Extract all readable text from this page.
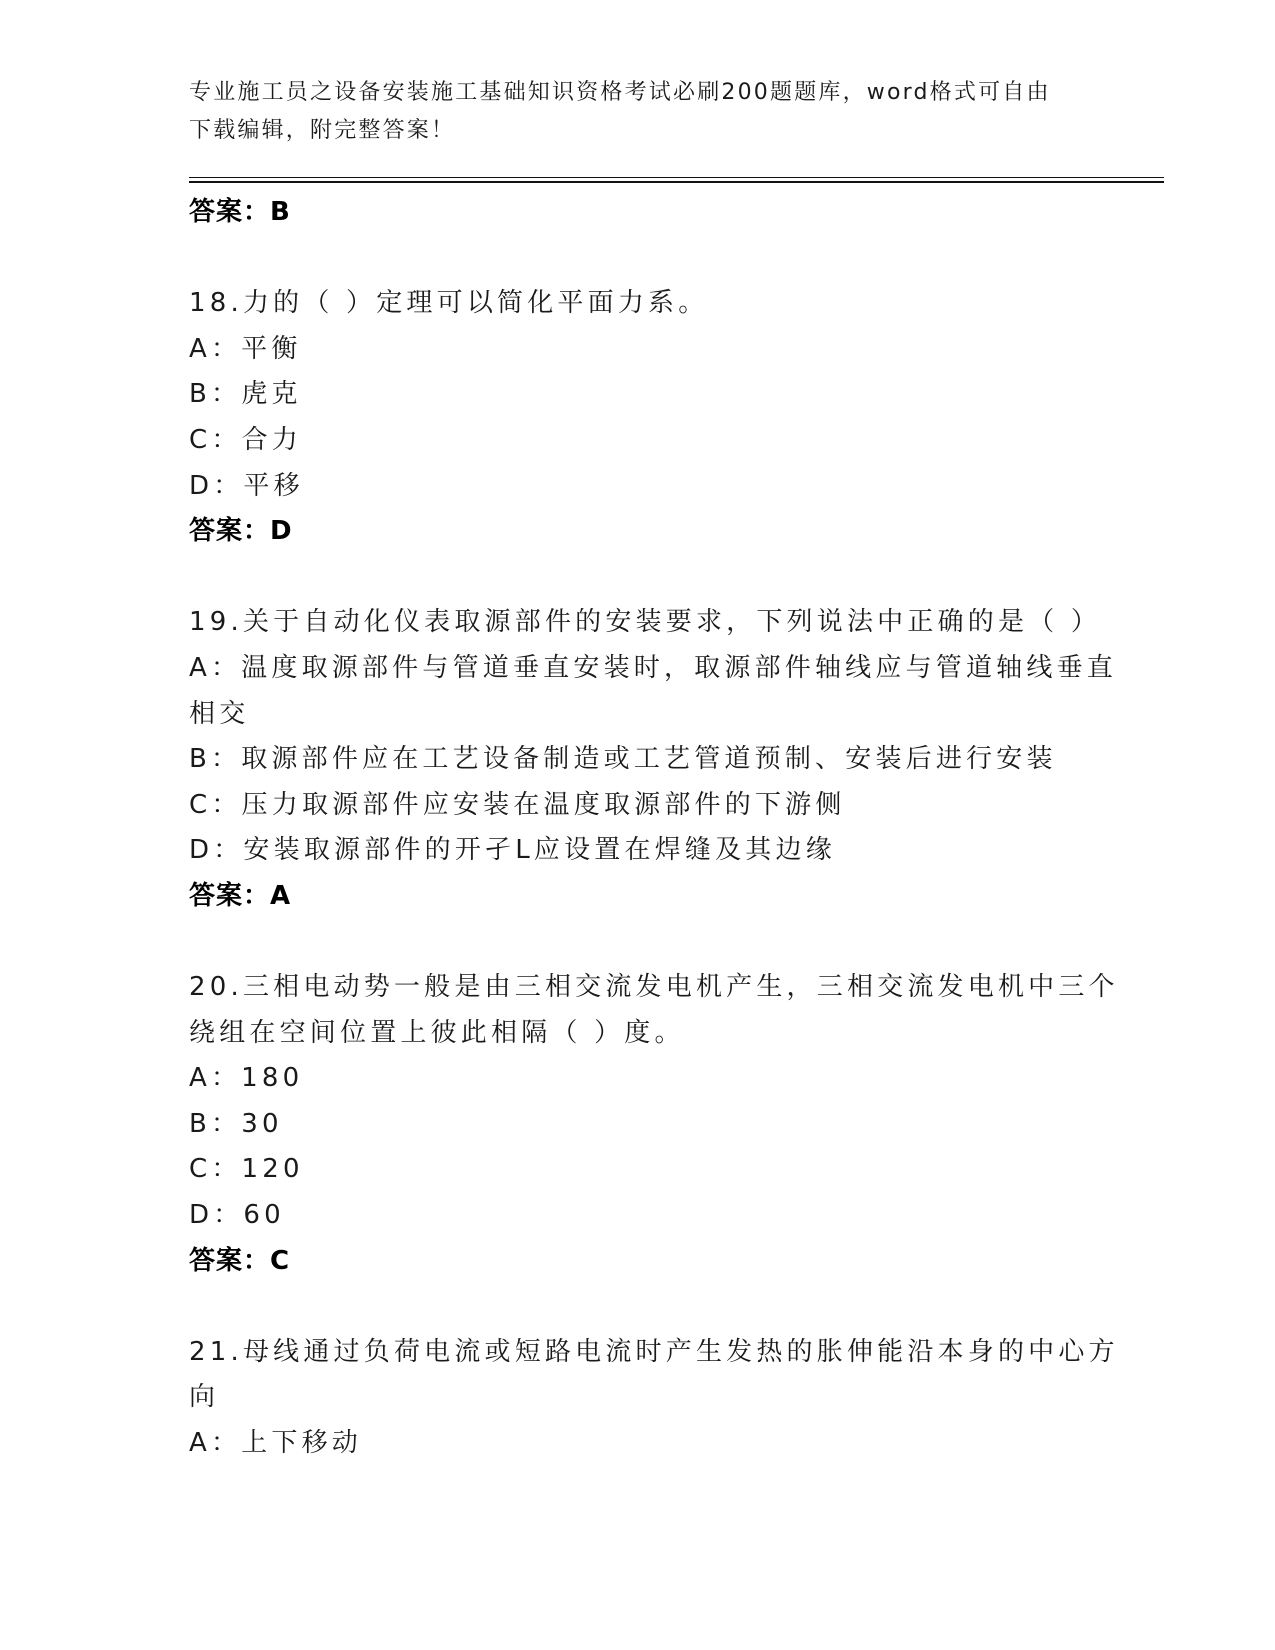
专业施工员之设备安装施工基础知识资格考试必刷200题题库，word格式可自由
下载编辑，附完整答案！
答案：B
18.力的（ ）定理可以简化平面力系。
A：平衡
B：虎克
C：合力
D：平移
答案：D
19.关于自动化仪表取源部件的安装要求，下列说法中正确的是（ ）
A：温度取源部件与管道垂直安装时，取源部件轴线应与管道轴线垂直
相交
B：取源部件应在工艺设备制造或工艺管道预制、安装后进行安装
C：压力取源部件应安装在温度取源部件的下游侧
D：安装取源部件的开孑L应设置在焊缝及其边缘
答案：A
20.三相电动势一般是由三相交流发电机产生，三相交流发电机中三个
绕组在空间位置上彼此相隔（ ）度。
A：180
B：30
C：120
D：60
答案：C
21.母线通过负荷电流或短路电流时产生发热的胀伸能沿本身的中心方
向
A：上下移动
